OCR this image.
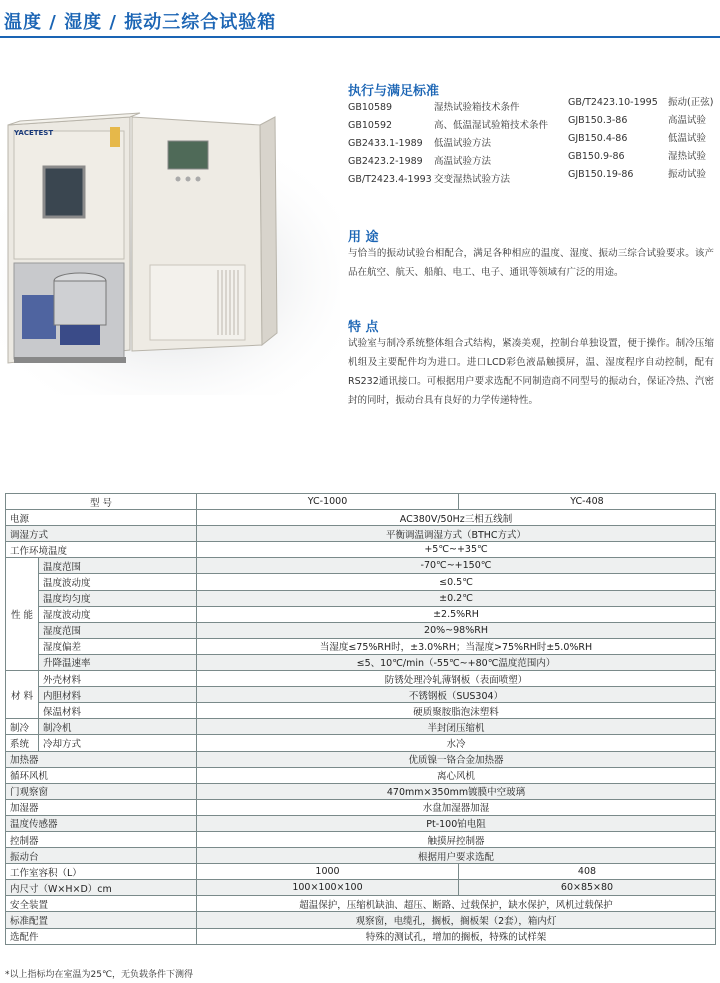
温度 / 湿度 / 振动三综合试验箱
YACETEST
执行与满足标准
GB10589	湿热试验箱技术条件
GB10592	高、低温湿试验箱技术条件
GB2433.1-1989	低温试验方法
GB2423.2-1989	高温试验方法
GB/T2423.4-1993 交变湿热试验方法
GB/T2423.10-1995	振动(正弦)
GJB150.3-86	高温试验
GJB150.4-86	低温试验
GB150.9-86	湿热试验
GJB150.19-86	振动试验
用 途
与恰当的振动试验台相配合，满足各种相应的温度、湿度、振动三综合试验要求。该产品在航空、航天、船舶、电工、电子、通讯等领域有广泛的用途。
特 点
试验室与制冷系统整体组合式结构，紧凑美观，控制台单独设置，便于操作。制冷压缩机组及主要配件均为进口。进口LCD彩色液晶触摸屏，温、湿度程序自动控制，配有RS232通讯接口。可根据用户要求选配不同制造商不同型号的振动台，保证冷热、汽密封的同时，振动台具有良好的力学传递特性。
型 号		YC-1000	YC-408
电源		AC380V/50Hz三相五线制	
调湿方式		平衡调温调湿方式（BTHC方式）	
工作环境温度		+5℃~+35℃	
性 能	温度范围	-70℃~+150℃	
	温度波动度	≤0.5℃	
	温度均匀度	±0.2℃	
	湿度波动度	±2.5%RH	
	湿度范围	20%~98%RH	
	湿度偏差	当湿度≤75%RH时，±3.0%RH；当湿度>75%RH时±5.0%RH	
	升降温速率	≤5、10℃/min（-55℃~+80℃温度范围内）	
材 料	外壳材料	防锈处理冷轧薄钢板（表面喷塑）	
	内胆材料	不锈钢板（SUS304）	
	保温材料	硬质聚胺脂泡沫塑料	
制冷	制冷机	半封闭压缩机	
系统	冷却方式	水冷	
加热器		优质镍一铬合金加热器	
循环风机		离心风机	
门观察窗		470mm×350mm镀膜中空玻璃	
加湿器		水盘加湿器加湿	
温度传感器		Pt-100铂电阻	
控制器		触摸屏控制器	
振动台		根据用户要求选配	
工作室容积（L）		1000	408
内尺寸（W×H×D）cm		100×100×100	60×85×80
安全装置		超温保护，压缩机缺油、超压、断路、过载保护，缺水保护，风机过载保护	
标准配置		观察窗，电缆孔，搁板，搁板架（2套），箱内灯	
选配件		特殊的测试孔，增加的搁板，特殊的试样架	
*以上指标均在室温为25℃，无负载条件下测得
